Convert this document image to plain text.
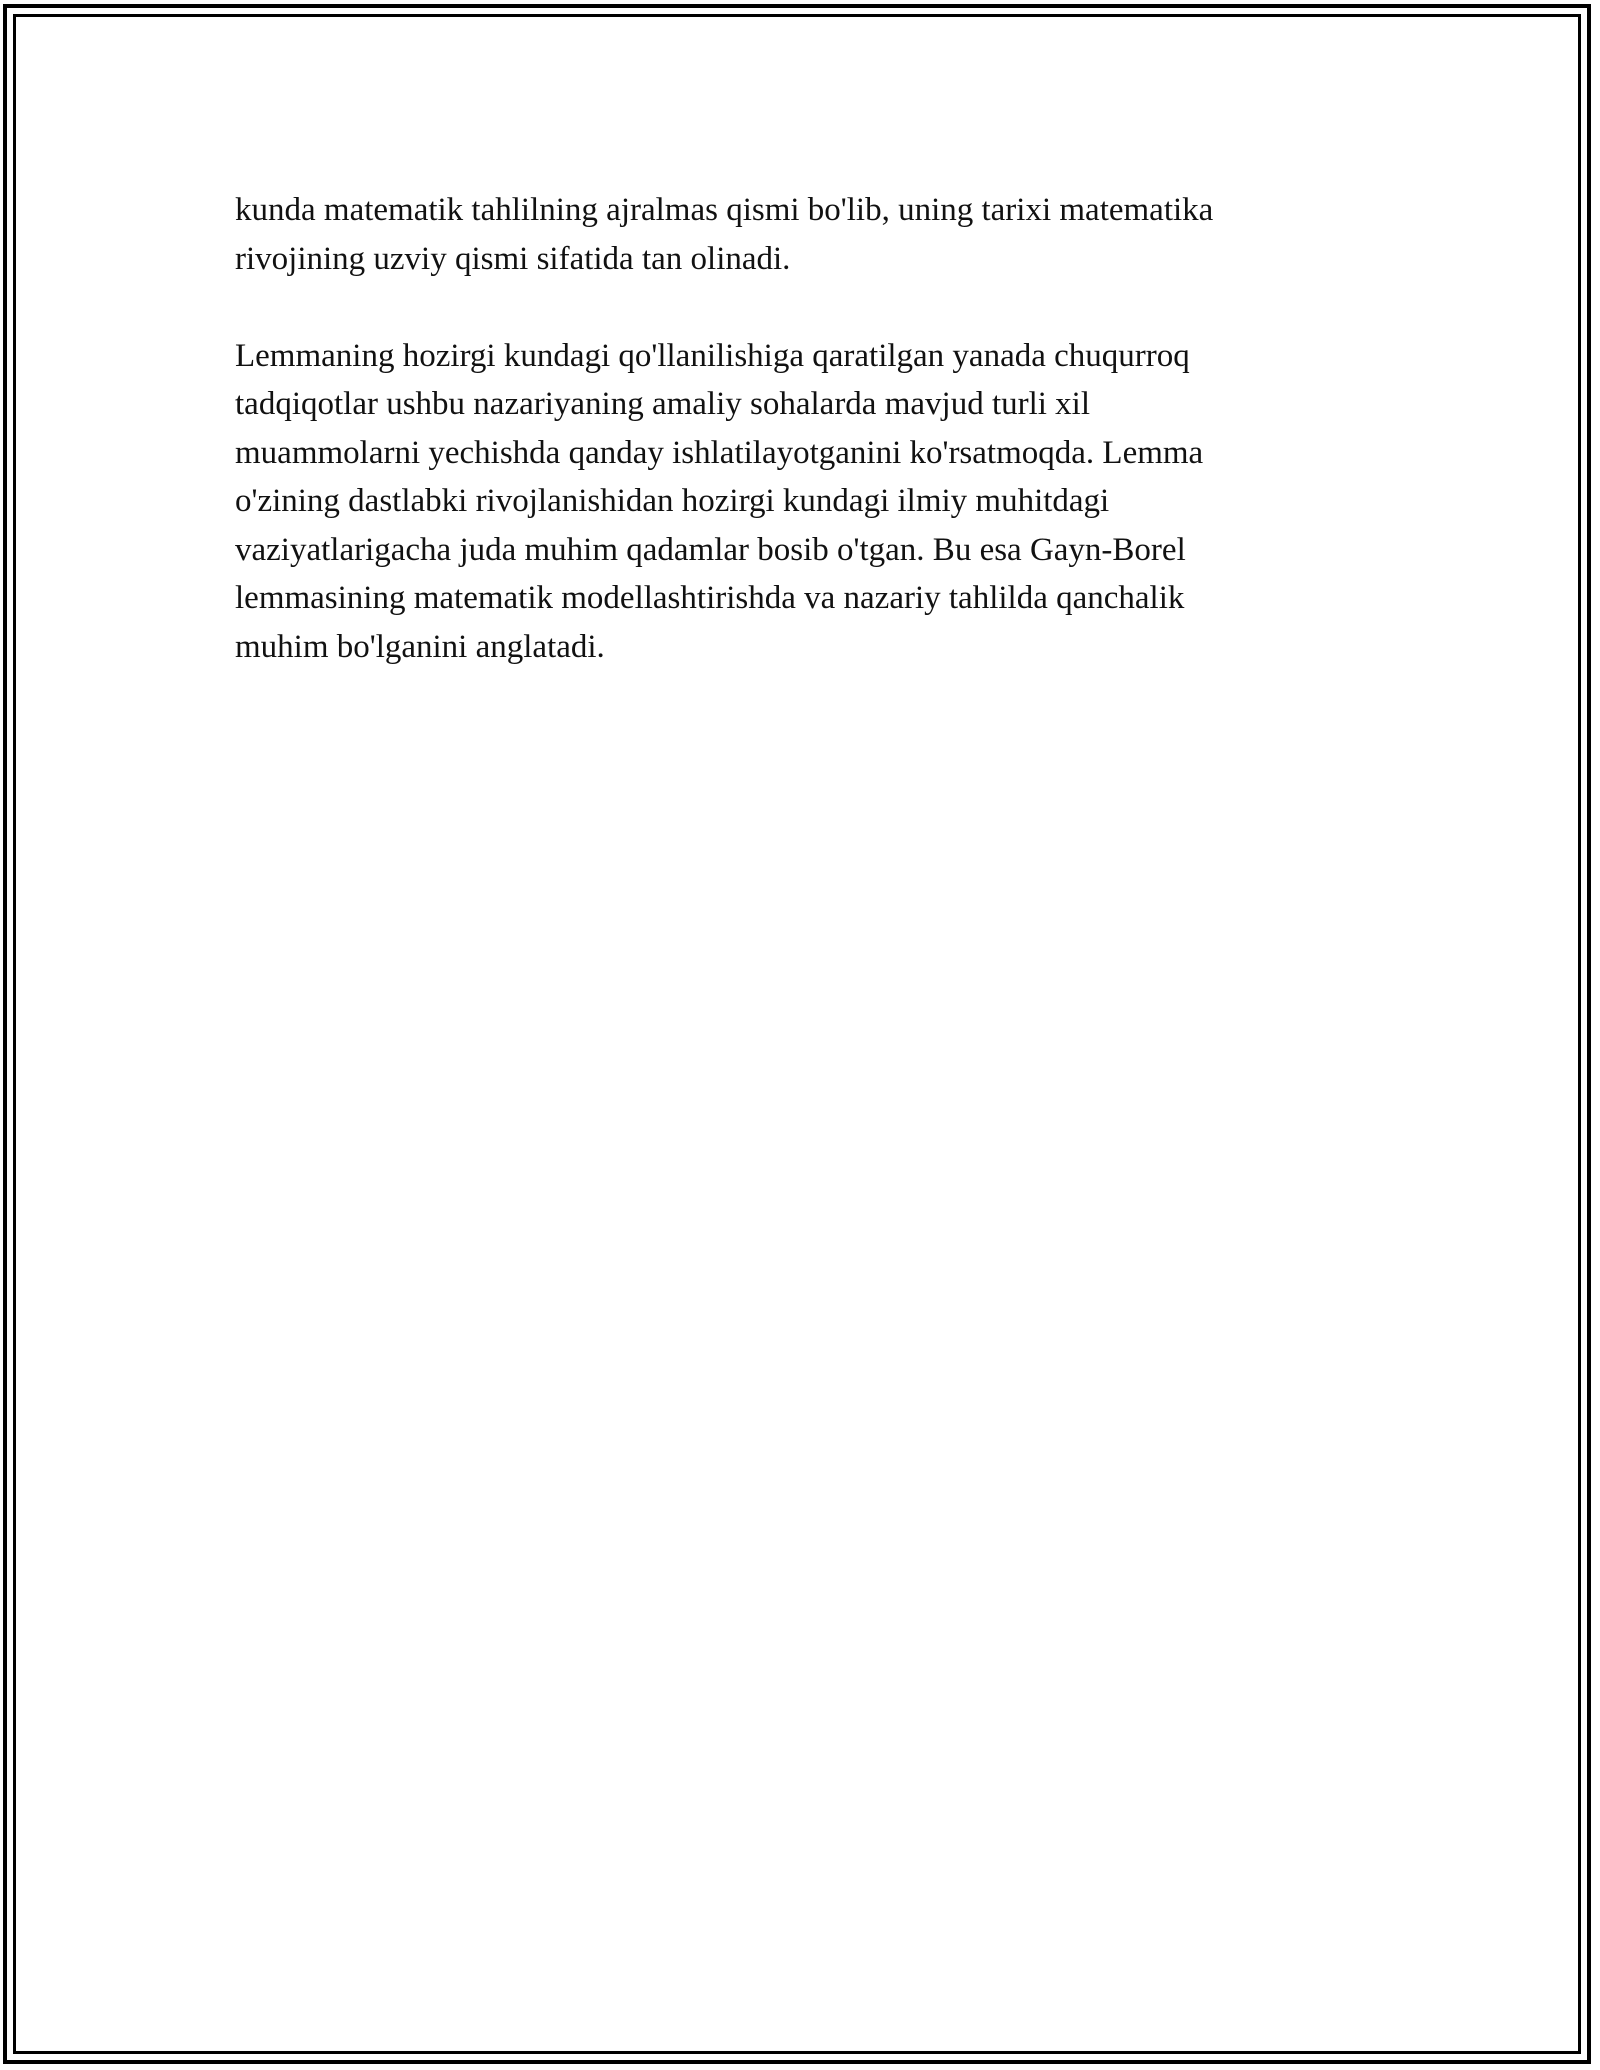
kunda matematik tahlilning ajralmas qismi bo'lib, uning tarixi matematika

rivojining uzviy qismi sifatida tan olinadi.

Lemmaning hozirgi kundagi qo'llanilishiga qaratilgan yanada chuqurroq

tadqiqotlar ushbu nazariyaning amaliy sohalarda mavjud turli xil

muammolarni yechishda qanday ishlatilayotganini ko'rsatmoqda. Lemma

o'zining dastlabki rivojlanishidan hozirgi kundagi ilmiy muhitdagi

vaziyatlarigacha juda muhim qadamlar bosib o'tgan. Bu esa Gayn-Borel

lemmasining matematik modellashtirishda va nazariy tahlilda qanchalik

muhim bo'lganini anglatadi.
